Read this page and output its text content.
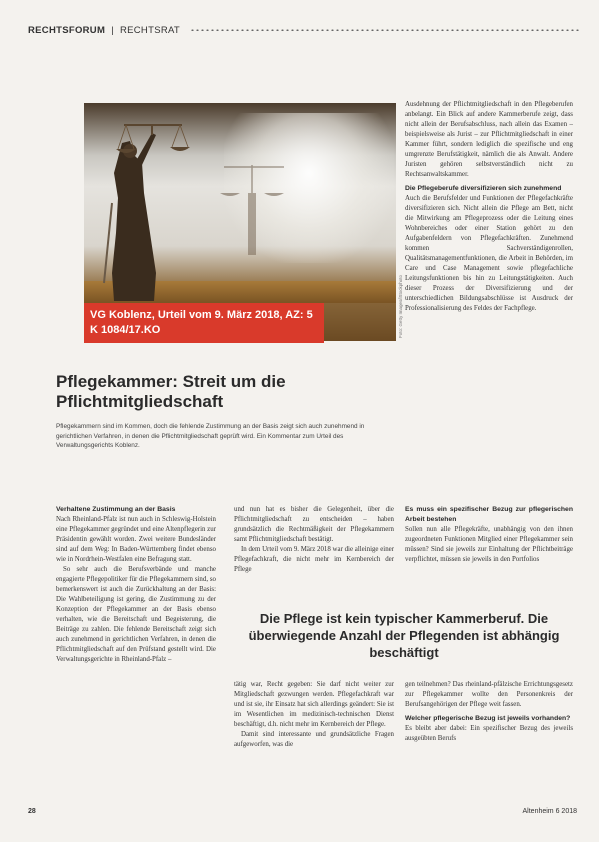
RECHTSFORUM | RECHTSRAT
VG Koblenz, Urteil vom 9. März 2018, AZ: 5 K 1084/17.KO	Foto: Getty Images/iStockphoto
Pflegekammer: Streit um die Pflichtmitgliedschaft

Pflegekammern sind im Kommen, doch die fehlende Zustimmung an der Basis zeigt sich auch zunehmend in gerichtlichen Verfahren, in denen die Pflichtmitgliedschaft geprüft wird. Ein Kommentar zum Urteil des Verwaltungsgerichts Koblenz.

Ausdehnung der Pflichtmitgliedschaft in den Pflegeberufen anbelangt. Ein Blick auf andere Kammerberufe zeigt, dass nicht allein der Berufsabschluss, nach allein das Examen – beispielsweise als Jurist – zur Pflichtmitgliedschaft in einer Kammer führt, sondern lediglich die spezifische und eng umgrenzte Berufstätigkeit, nämlich die als Anwalt. Andere Juristen gehören selbstverständlich nicht zu Rechtsanwaltskammer.

Die Pflegeberufe diversifizieren sich zunehmend

Auch die Berufsfelder und Funktionen der Pflegefachkräfte diversifizieren sich. Nicht allein die Pflege am Bett, nicht die Mitwirkung am Pflegeprozess oder die Leitung eines Wohnbereiches oder einer Station gehört zu den Aufgabenfeldern von Pflegefachkräften. Zunehmend kommen Sachverständigenrollen, Qualitätsmanagementfunktionen, die Arbeit in Behörden, im Care und Case Management sowie pflegefachliche Leitungsfunktionen bis hin zu Leitungstätigkeiten. Auch dieser Prozess der Diversifizierung und der unterschiedlichen Bildungsabschlüsse ist Ausdruck der Professionalisierung des Feldes der Fachpflege.

Verhaltene Zustimmung an der Basis

Nach Rheinland-Pfalz ist nun auch in Schleswig-Holstein eine Pflegekammer gegründet und eine Altenpflegerin zur Präsidentin gewählt worden. Zwei weitere Bundesländer sind auf dem Weg: In Baden-Württemberg findet ebenso wie in Nordrhein-Westfalen eine Befragung statt.

So sehr auch die Berufsverbände und manche engagierte Pflegepolitiker für die Pflegekammern sind, so bemerkenswert ist auch die Zurückhaltung an der Basis: Die Wahlbeteiligung ist gering, die Zustimmung zu der Konzeption der Pflegekammer an der Basis ebenso verhalten, wie die Bereitschaft und Begeisterung, die Beiträge zu zahlen. Die fehlende Bereitschaft zeigt sich auch zunehmend in gerichtlichen Verfahren, in denen die Pflichtmitgliedschaft auf den Prüfstand gestellt wird. Die Verwaltungsgerichte in Rheinland-Pfalz –

und nun hat es bisher die Gelegenheit, über die Pflichtmitgliedschaft zu entscheiden – haben grundsätzlich die Rechtmäßigkeit der Pflegekammern samt Pflichtmitgliedschaft bestätigt.

In dem Urteil vom 9. März 2018 war die alleinige einer Pflegefachkraft, die nicht mehr im Kernbereich der Pflege

Es muss ein spezifischer Bezug zur pflegerischen Arbeit bestehen

Sollen nun alle Pflegekräfte, unabhängig von den ihnen zugeordneten Funktionen Mitglied einer Pflegekammer sein müssen? Sind sie jeweils zur Einhaltung der Pflichtbeiträge verpflichtet, müssen sie jeweils in den Portfolios

Die Pflege ist kein typischer Kammerberuf. Die überwiegende Anzahl der Pflegenden ist abhängig beschäftigt

tätig war, Recht gegeben: Sie darf nicht weiter zur Mitgliedschaft gezwungen werden. Pflegefachkraft war und ist sie, ihr Einsatz hat sich allerdings geändert: Sie ist im Wesentlichen im medizinisch-technischen Dienst beschäftigt, d.h. nicht mehr im Kernbereich der Pflege.

Damit sind interessante und grundsätzliche Fragen aufgeworfen, was die

gen teilnehmen? Das rheinland-pfälzische Errichtungsgesetz zur Pflegekammer wollte den Personenkreis der Berufsangehörigen der Pflege weit fassen.

Welcher pflegerische Bezug ist jeweils vorhanden?

Es bleibt aber dabei: Ein spezifischer Bezug des jeweils ausgeübten Berufs

28	Altenheim 6 2018
